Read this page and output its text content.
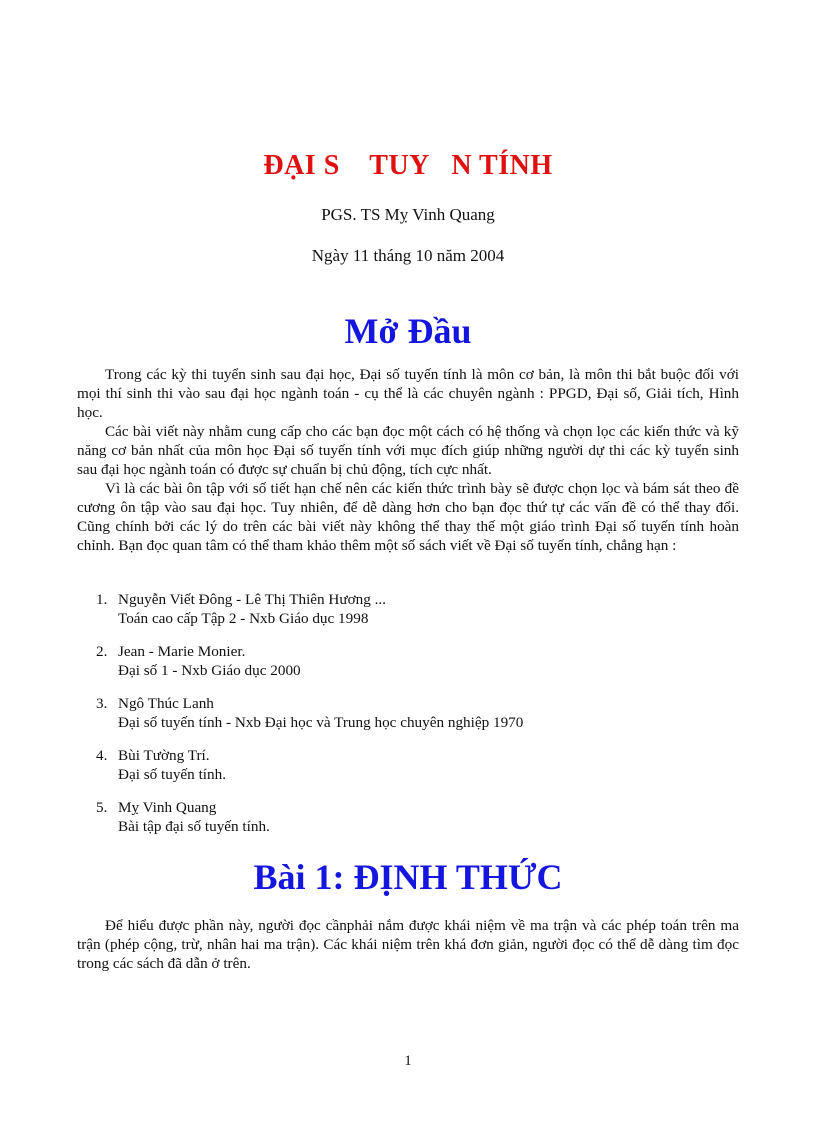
ĐẠI S    TUY   N TÍNH
PGS. TS Mỵ Vinh Quang
Ngày 11 tháng 10 năm 2004
Mở Đầu

Trong các kỳ thi tuyển sinh sau đại học, Đại số tuyến tính là môn cơ bản, là môn thi bắt buộc đối với mọi thí sinh thi vào sau đại học ngành toán - cụ thể là các chuyên ngành : PPGD, Đại số, Giải tích, Hình học.

Các bài viết này nhằm cung cấp cho các bạn đọc một cách có hệ thống và chọn lọc các kiến thức và kỹ năng cơ bản nhất của môn học Đại số tuyến tính với mục đích giúp những người dự thi các kỳ tuyển sinh sau đại học ngành toán có được sự chuẩn bị chủ động, tích cực nhất.

Vì là các bài ôn tập với số tiết hạn chế nên các kiến thức trình bày sẽ được chọn lọc và bám sát theo đề cương ôn tập vào sau đại học. Tuy nhiên, để dễ dàng hơn cho bạn đọc thứ tự các vấn đề có thể thay đổi. Cũng chính bởi các lý do trên các bài viết này không thể thay thế một giáo trình Đại số tuyến tính hoàn chỉnh. Bạn đọc quan tâm có thể tham khảo thêm một số sách viết về Đại số tuyến tính, chẳng hạn :

1. Nguyễn Viết Đông - Lê Thị Thiên Hương ...
Toán cao cấp Tập 2 - Nxb Giáo dục 1998
2. Jean - Marie Monier.
Đại số 1 - Nxb Giáo dục 2000
3. Ngô Thúc Lanh
Đại số tuyến tính - Nxb Đại học và Trung học chuyên nghiệp 1970
4. Bùi Tường Trí.
Đại số tuyến tính.
5. Mỵ Vinh Quang
Bài tập đại số tuyến tính.
Bài 1: ĐỊNH THỨC

Để hiểu được phần này, người đọc cầnphải nắm được khái niệm về ma trận và các phép toán trên ma trận (phép cộng, trừ, nhân hai ma trận). Các khái niệm trên khá đơn giản, người đọc có thể dễ dàng tìm đọc trong các sách đã dẫn ở trên.

1
